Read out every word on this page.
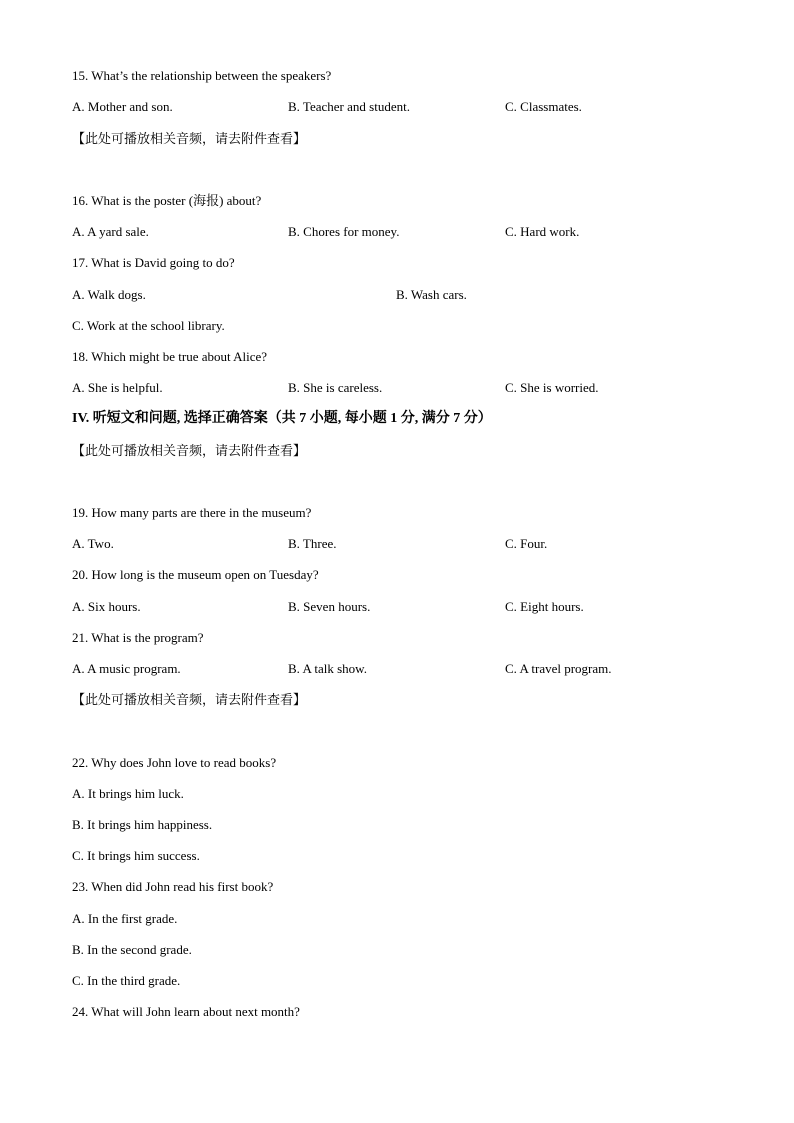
15. What’s the relationship between the speakers?
A. Mother and son.	B. Teacher and student.	C. Classmates.
【此处可播放相关音频，请去附件查看】
16. What is the poster (海报) about?
A. A yard sale.	B. Chores for money.	C. Hard work.
17. What is David going to do?
A. Walk dogs.	B. Wash cars.
C. Work at the school library.
18. Which might be true about Alice?
A. She is helpful.	B. She is careless.	C. She is worried.
IV. 听短文和问题, 选择正确答案（共 7 小题, 每小题 1 分, 满分 7 分）
【此处可播放相关音频，请去附件查看】
19. How many parts are there in the museum?
A. Two.	B. Three.	C. Four.
20. How long is the museum open on Tuesday?
A. Six hours.	B. Seven hours.	C. Eight hours.
21. What is the program?
A. A music program.	B. A talk show.	C. A travel program.
【此处可播放相关音频，请去附件查看】
22. Why does John love to read books?
A. It brings him luck.
B. It brings him happiness.
C. It brings him success.
23. When did John read his first book?
A. In the first grade.
B. In the second grade.
C. In the third grade.
24. What will John learn about next month?
